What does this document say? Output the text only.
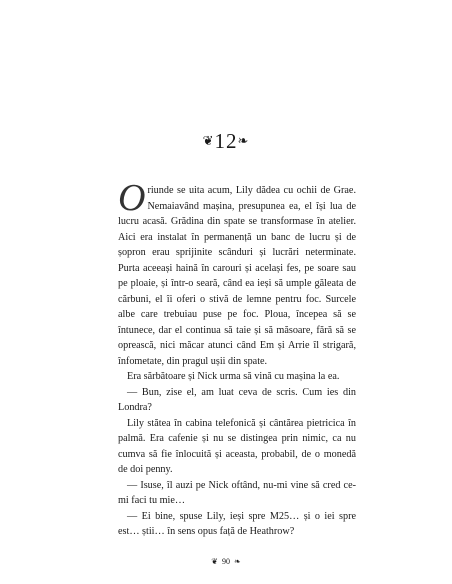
❦12❧

Oriunde se uita acum, Lily dădea cu ochii de Grae. Nemaiavând mașina, presupunea ea, el își lua de lucru acasă. Grădina din spate se transformase în atelier. Aici era instalat în permanență un banc de lucru și de șopron erau sprijinite scânduri și lucrări neterminate. Purta aceeași haină în carouri și același fes, pe soare sau pe ploaie, și într-o seară, când ea ieși să umple găleata de cărbuni, el îi oferi o stivă de lemne pentru foc. Surcele albe care trebuiau puse pe foc. Ploua, începea să se întunece, dar el continua să taie și să măsoare, fără să se oprească, nici măcar atunci când Em și Arrie îl strigară, înfometate, din pragul ușii din spate.

Era sărbătoare și Nick urma să vină cu mașina la ea.

— Bun, zise el, am luat ceva de scris. Cum ies din Londra?

Lily stătea în cabina telefonică și cântărea pietricica în palmă. Era cafenie și nu se distingea prin nimic, ca nu cumva să fie înlocuită și aceasta, probabil, de o monedă de doi penny.

— Isuse, îl auzi pe Nick oftând, nu-mi vine să cred ce-mi faci tu mie…

— Ei bine, spuse Lily, ieși spre M25… și o iei spre est… știi… în sens opus față de Heathrow?

❦ 90 ❧
